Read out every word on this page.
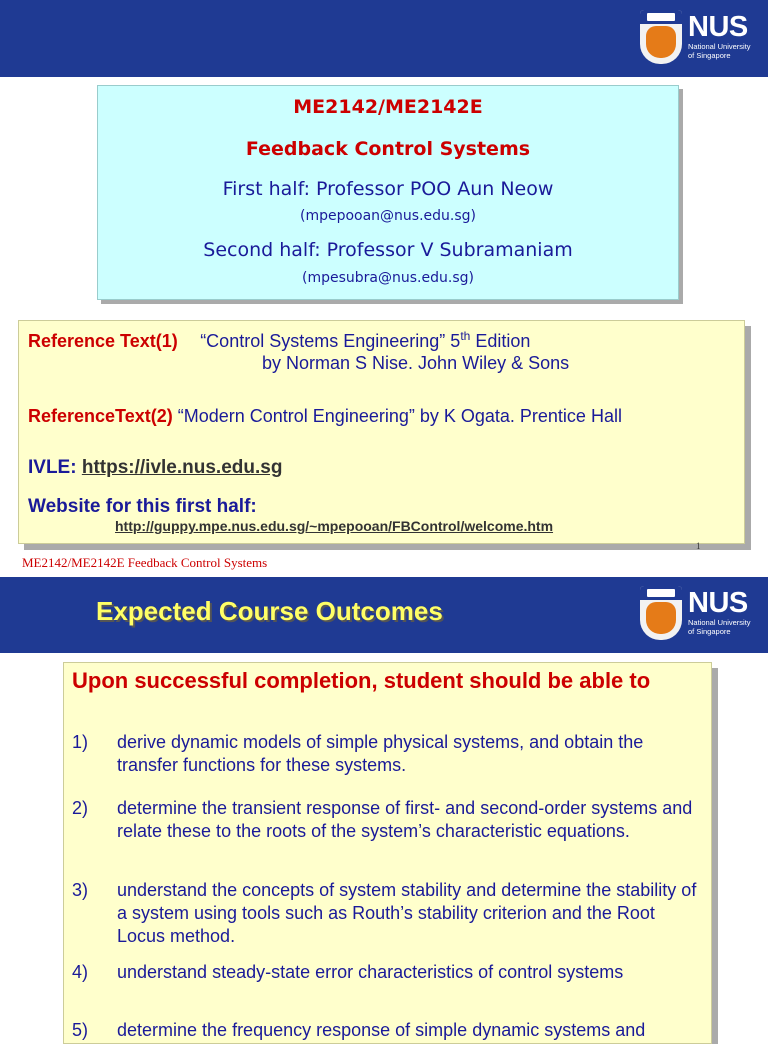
NUS
National University
of Singapore
ME2142/ME2142E
Feedback Control Systems
First half: Professor POO Aun Neow
(mpepooan@nus.edu.sg)
Second half: Professor V Subramaniam
(mpesubra@nus.edu.sg)
Reference Text(1) “Control Systems Engineering” 5th Edition
by Norman S Nise. John Wiley & Sons
ReferenceText(2) “Modern Control Engineering” by K Ogata. Prentice Hall
IVLE: https://ivle.nus.edu.sg
Website for this first half:
http://guppy.mpe.nus.edu.sg/~mpepooan/FBControl/welcome.htm
1
ME2142/ME2142E Feedback Control Systems
NUS
National University
of Singapore
Expected Course Outcomes
Upon successful completion, student should be able to
1) derive dynamic models of simple physical systems, and obtain the transfer functions for these systems.
2) determine the transient response of first- and second-order systems and relate these to the roots of the system’s characteristic equations.
3) understand the concepts of system stability and determine the stability of a system using tools such as Routh’s stability criterion and the Root Locus method.
4) understand steady-state error characteristics of control systems
5) determine the frequency response of simple dynamic systems and
